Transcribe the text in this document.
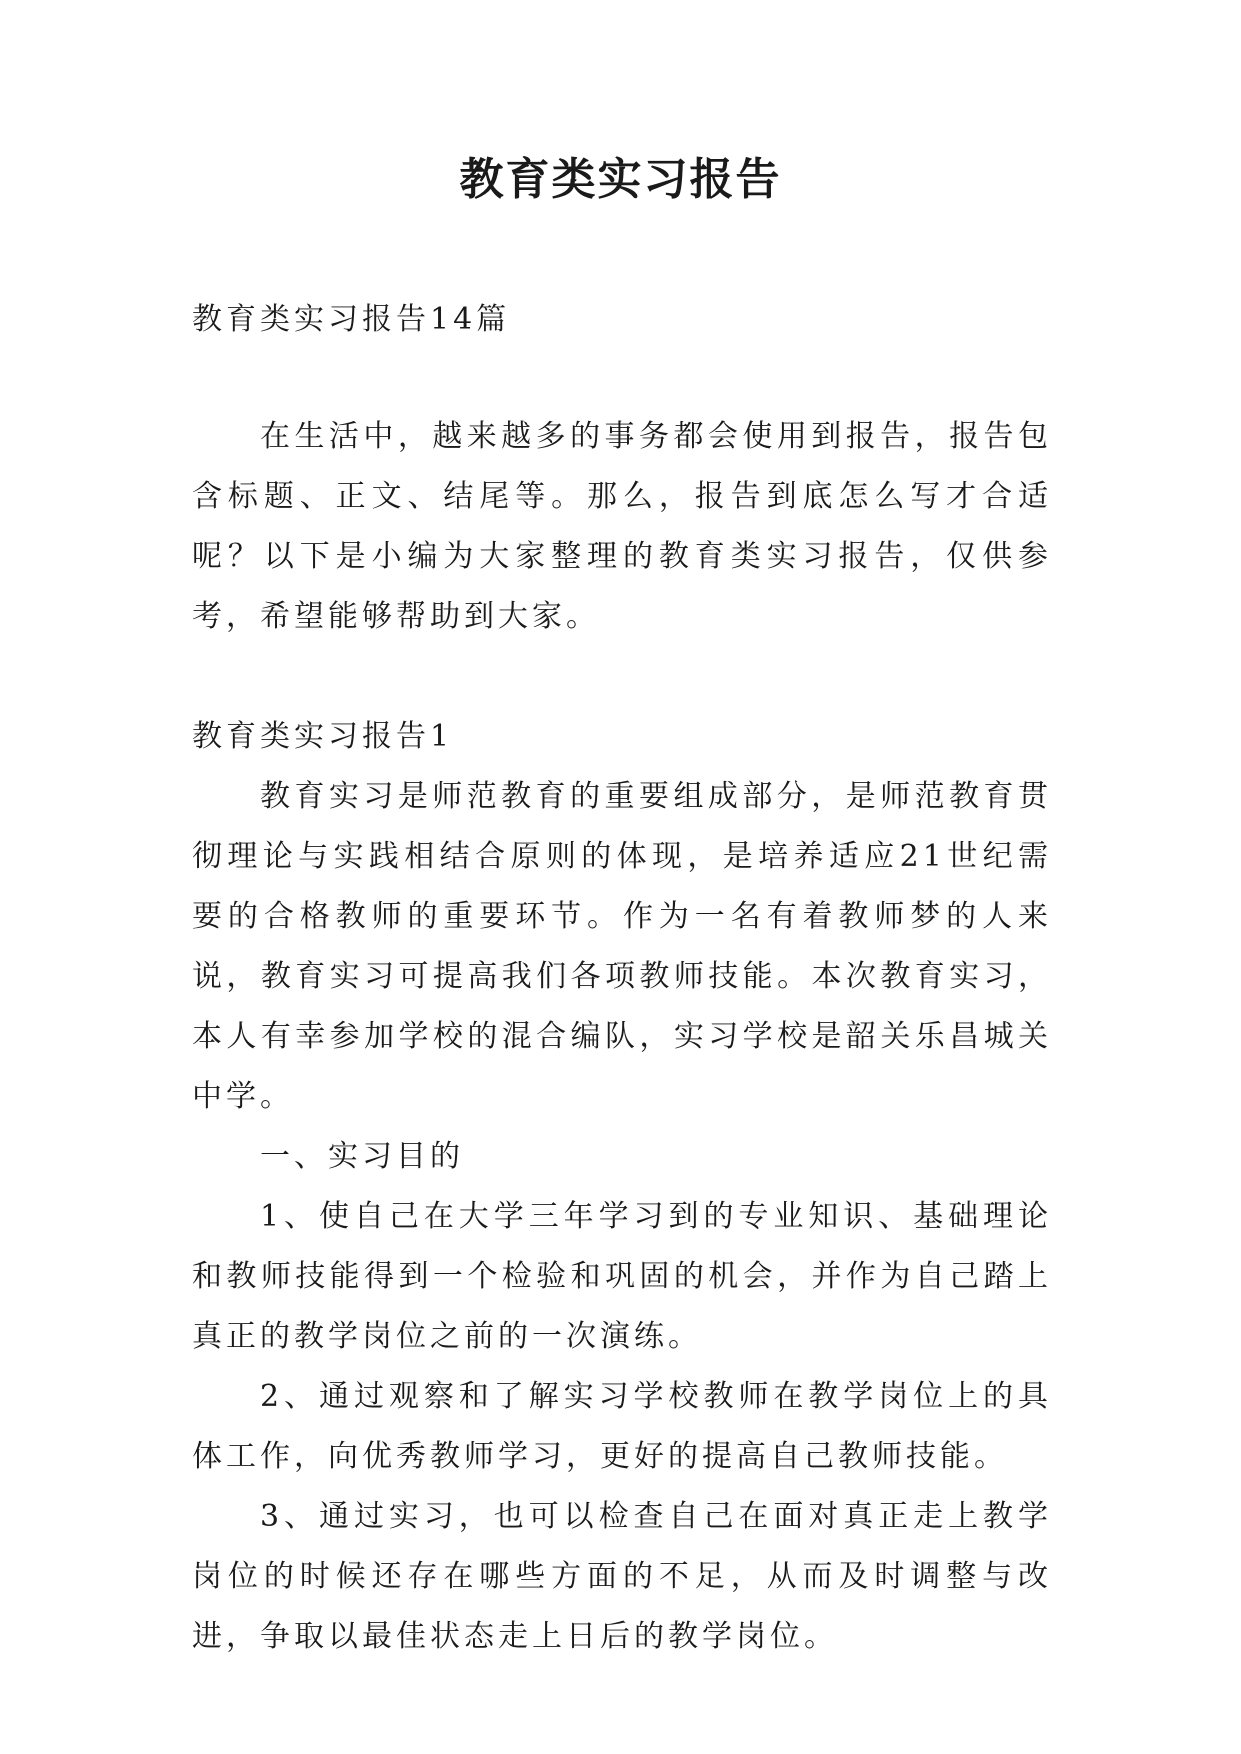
教育类实习报告

教育类实习报告14篇

在生活中，越来越多的事务都会使用到报告，报告包含标题、正文、结尾等。那么，报告到底怎么写才合适呢？以下是小编为大家整理的教育类实习报告，仅供参考，希望能够帮助到大家。

教育类实习报告1

教育实习是师范教育的重要组成部分，是师范教育贯彻理论与实践相结合原则的体现，是培养适应21世纪需要的合格教师的重要环节。作为一名有着教师梦的人来说，教育实习可提高我们各项教师技能。本次教育实习，本人有幸参加学校的混合编队，实习学校是韶关乐昌城关中学。

一、实习目的

1、使自己在大学三年学习到的专业知识、基础理论和教师技能得到一个检验和巩固的机会，并作为自己踏上真正的教学岗位之前的一次演练。

2、通过观察和了解实习学校教师在教学岗位上的具体工作，向优秀教师学习，更好的提高自己教师技能。

3、通过实习，也可以检查自己在面对真正走上教学岗位的时候还存在哪些方面的不足，从而及时调整与改进，争取以最佳状态走上日后的教学岗位。
